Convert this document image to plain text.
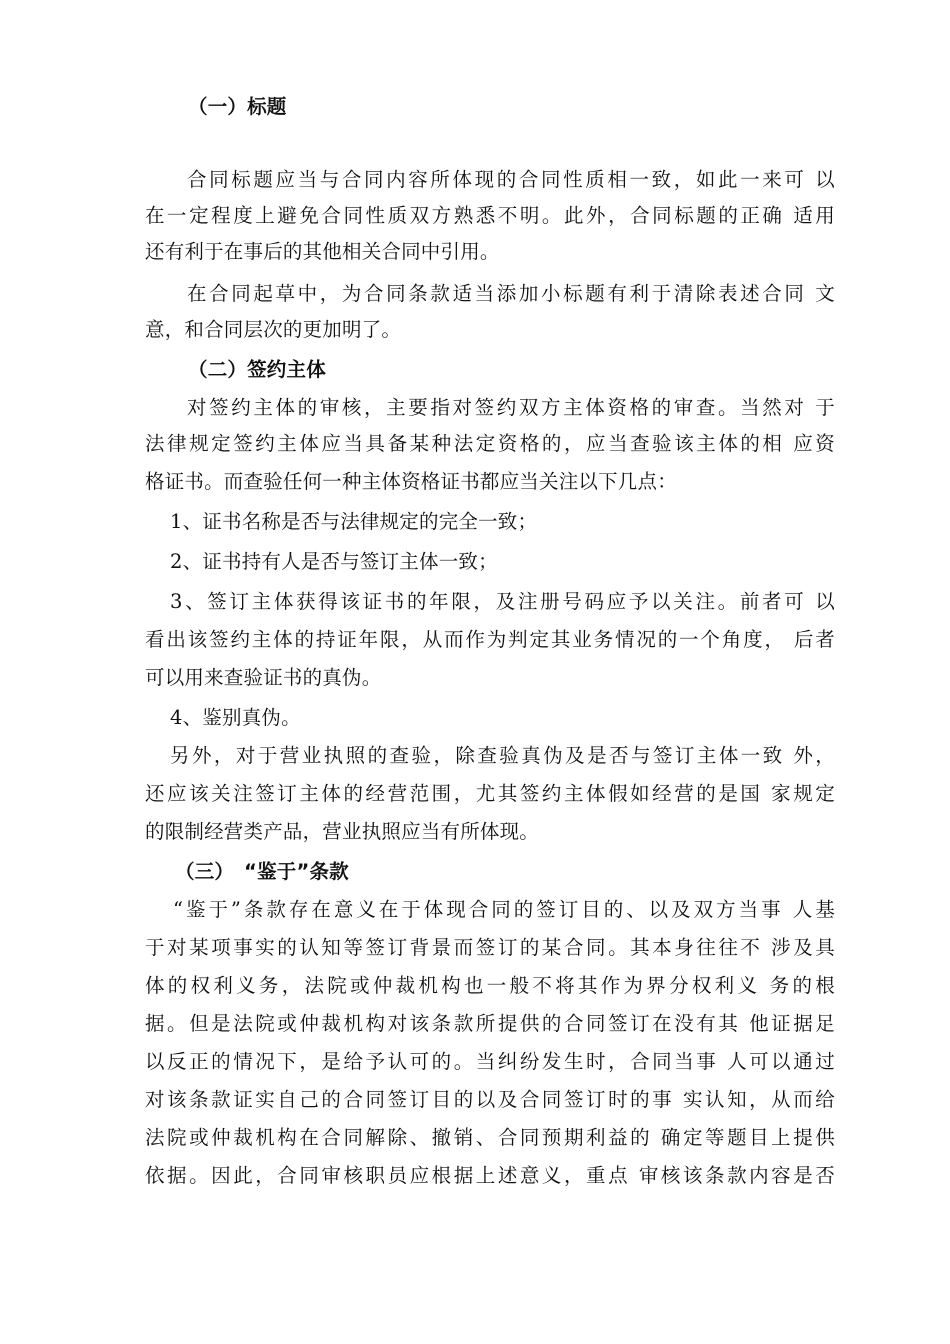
（一）标题
合同标题应当与合同内容所体现的合同性质相一致，如此一来可 以
在一定程度上避免合同性质双方熟悉不明。此外，合同标题的正确 适用
还有利于在事后的其他相关合同中引用。
在合同起草中，为合同条款适当添加小标题有利于清除表述合同 文
意，和合同层次的更加明了。
（二）签约主体
对签约主体的审核，主要指对签约双方主体资格的审查。当然对 于
法律规定签约主体应当具备某种法定资格的，应当查验该主体的相 应资
格证书。而查验任何一种主体资格证书都应当关注以下几点：
1、证书名称是否与法律规定的完全一致；
2、证书持有人是否与签订主体一致；
3、签订主体获得该证书的年限，及注册号码应予以关注。前者可 以
看出该签约主体的持证年限，从而作为判定其业务情况的一个角度， 后者
可以用来查验证书的真伪。
4、鉴别真伪。
另外，对于营业执照的查验，除查验真伪及是否与签订主体一致 外，
还应该关注签订主体的经营范围，尤其签约主体假如经营的是国 家规定
的限制经营类产品，营业执照应当有所体现。
（三）　“鉴于”条款
“鉴于”条款存在意义在于体现合同的签订目的、以及双方当事 人基
于对某项事实的认知等签订背景而签订的某合同。其本身往往不 涉及具
体的权利义务，法院或仲裁机构也一般不将其作为界分权利义 务的根
据。但是法院或仲裁机构对该条款所提供的合同签订在没有其 他证据足
以反正的情况下，是给予认可的。当纠纷发生时，合同当事 人可以通过
对该条款证实自己的合同签订目的以及合同签订时的事 实认知，从而给
法院或仲裁机构在合同解除、撤销、合同预期利益的 确定等题目上提供
依据。因此，合同审核职员应根据上述意义，重点 审核该条款内容是否
